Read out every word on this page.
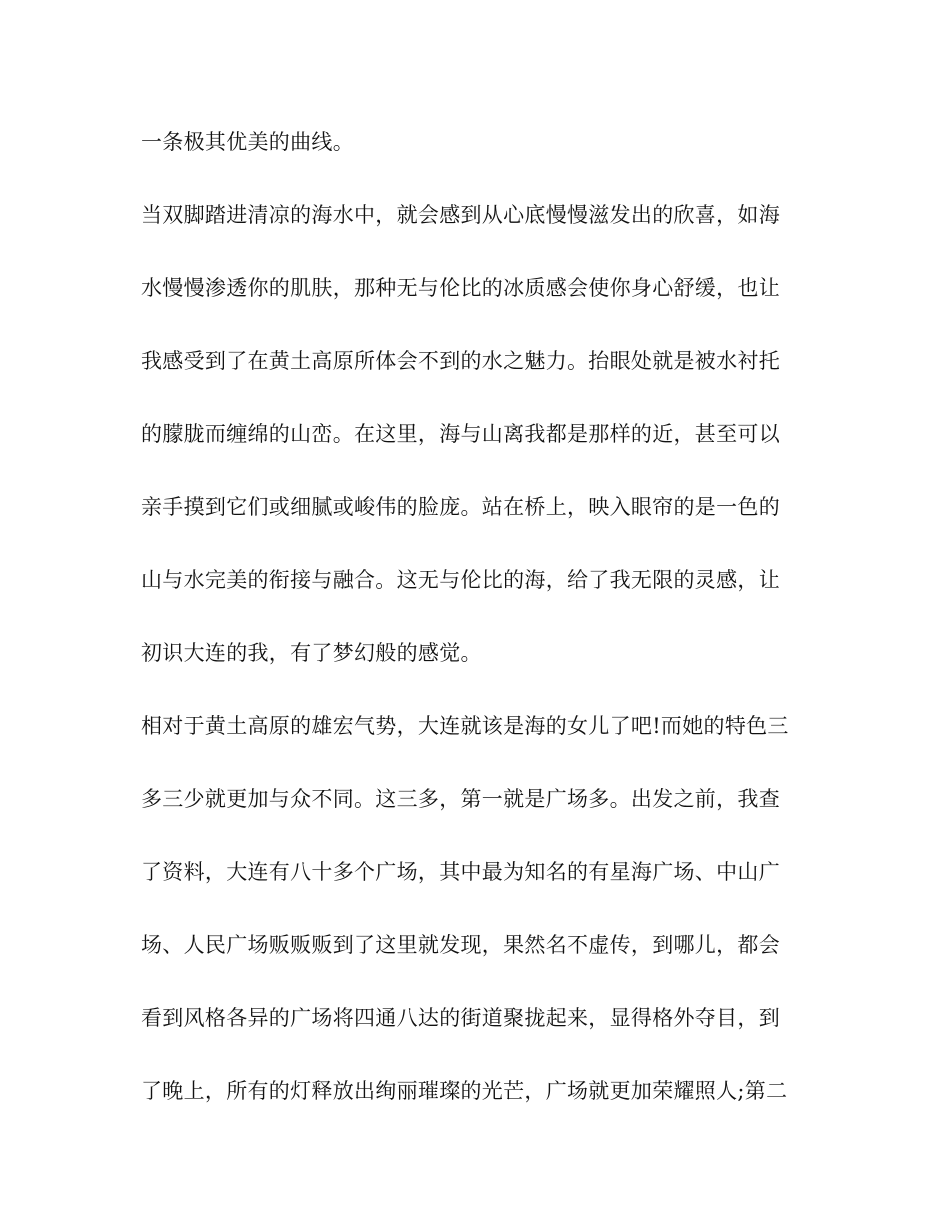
一条极其优美的曲线。
当双脚踏进清凉的海水中，就会感到从心底慢慢滋发出的欣喜，如海
水慢慢渗透你的肌肤，那种无与伦比的冰质感会使你身心舒缓，也让
我感受到了在黄土高原所体会不到的水之魅力。抬眼处就是被水衬托
的朦胧而缠绵的山峦。在这里，海与山离我都是那样的近，甚至可以
亲手摸到它们或细腻或峻伟的脸庞。站在桥上，映入眼帘的是一色的
山与水完美的衔接与融合。这无与伦比的海，给了我无限的灵感，让
初识大连的我，有了梦幻般的感觉。
相对于黄土高原的雄宏气势，大连就该是海的女儿了吧!而她的特色三
多三少就更加与众不同。这三多，第一就是广场多。出发之前，我查
了资料，大连有八十多个广场，其中最为知名的有星海广场、中山广
场、人民广场贩贩贩到了这里就发现，果然名不虚传，到哪儿，都会
看到风格各异的广场将四通八达的街道聚拢起来，显得格外夺目，到
了晚上，所有的灯释放出绚丽璀璨的光芒，广场就更加荣耀照人;第二
